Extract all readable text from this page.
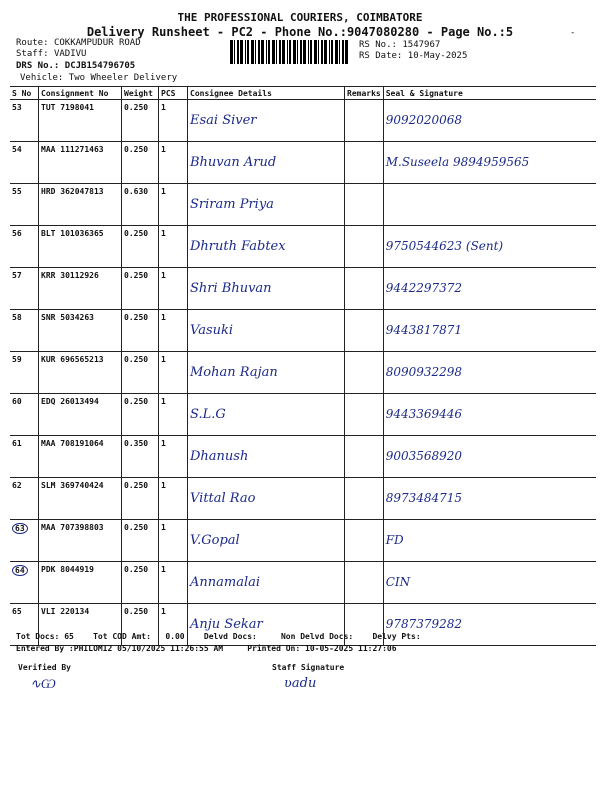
THE PROFESSIONAL COURIERS, COIMBATORE
Delivery Runsheet - PC2 - Phone No.:9047080280 - Page No.:5	-
Route: COKKAMPUDUR ROAD
Staff: VADIVU
DRS No.: DCJB154796705
Vehicle: Two Wheeler Delivery
RS No.: 1547967
RS Date: 10-May-2025
S No	Consignment No	Weight	PCS	Consignee Details	Remarks	Seal & Signature
53	TUT 7198041	0.250	1	Esai Siver		9092020068
54	MAA 111271463	0.250	1	Bhuvan Arud		M.Suseela 9894959565
55	HRD 362047813	0.630	1	Sriram Priya		
56	BLT 101036365	0.250	1	Dhruth Fabtex		9750544623 (Sent)
57	KRR 30112926	0.250	1	Shri Bhuvan		9442297372
58	SNR 5034263	0.250	1	Vasuki		9443817871
59	KUR 696565213	0.250	1	Mohan Rajan		8090932298
60	EDQ 26013494	0.250	1	S.L.G		9443369446
61	MAA 708191064	0.350	1	Dhanush		9003568920
62	SLM 369740424	0.250	1	Vittal Rao		8973484715
63	MAA 707398803	0.250	1	V.Gopal		FD
64	PDK 8044919	0.250	1	Annamalai		CIN
65	VLI 220134	0.250	1	Anju Sekar		9787379282
Tot Docs: 65 Tot COD Amt: 0.00 Delvd Docs:	Non Delvd Docs: Delvy Pts:
Entered By :PHILOMI2 05/10/2025 11:26:55 AM	Printed On: 10-05-2025 11:27:06
Verified By	Staff Signature
∿Ѡ	ʋadu
